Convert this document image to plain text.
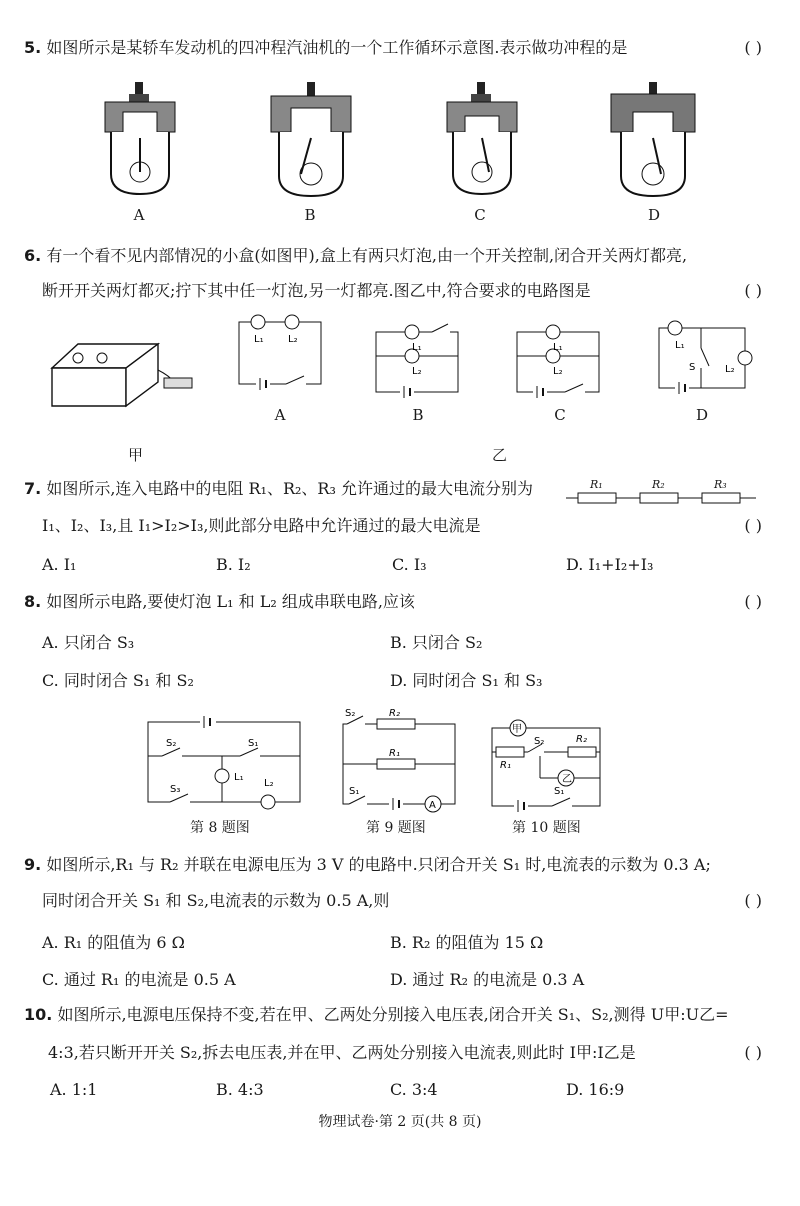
5. 如图所示是某轿车发动机的四冲程汽油机的一个工作循环示意图.表示做功冲程的是	( )
A	B	C	D
6. 有一个看不见内部情况的小盒(如图甲),盒上有两只灯泡,由一个开关控制,闭合开关两灯都亮,
断开开关两灯都灭;拧下其中任一灯泡,另一灯都亮.图乙中,符合要求的电路图是	( )
甲	乙
L₁ L₂
L₁
L₂
L₁
L₂
L₁
S	L₂
A	B	C	D
7. 如图所示,连入电路中的电阻 R₁、R₂、R₃ 允许通过的最大电流分别为
I₁、I₂、I₃,且 I₁>I₂>I₃,则此部分电路中允许通过的最大电流是	( )
R₁	R₂	R₃
A. I₁	B. I₂	C. I₃	D. I₁+I₂+I₃
8. 如图所示电路,要使灯泡 L₁ 和 L₂ 组成串联电路,应该	( )
A. 只闭合 S₃	B. 只闭合 S₂
C. 同时闭合 S₁ 和 S₂	D. 同时闭合 S₁ 和 S₃
S₂	S₁
L₁
S₃
L₂
A
S₂	R₂
R₁
S₁
甲
乙
S₂	R₂
R₁
S₁
第 8 题图	第 9 题图	第 10 题图
9. 如图所示,R₁ 与 R₂ 并联在电源电压为 3 V 的电路中.只闭合开关 S₁ 时,电流表的示数为 0.3 A;
同时闭合开关 S₁ 和 S₂,电流表的示数为 0.5 A,则	( )
A. R₁ 的阻值为 6 Ω	B. R₂ 的阻值为 15 Ω
C. 通过 R₁ 的电流是 0.5 A	D. 通过 R₂ 的电流是 0.3 A
10. 如图所示,电源电压保持不变,若在甲、乙两处分别接入电压表,闭合开关 S₁、S₂,测得 U甲:U乙=
4:3,若只断开开关 S₂,拆去电压表,并在甲、乙两处分别接入电流表,则此时 I甲:I乙是	( )
A. 1:1	B. 4:3	C. 3:4	D. 16:9
物理试卷·第 2 页(共 8 页)
